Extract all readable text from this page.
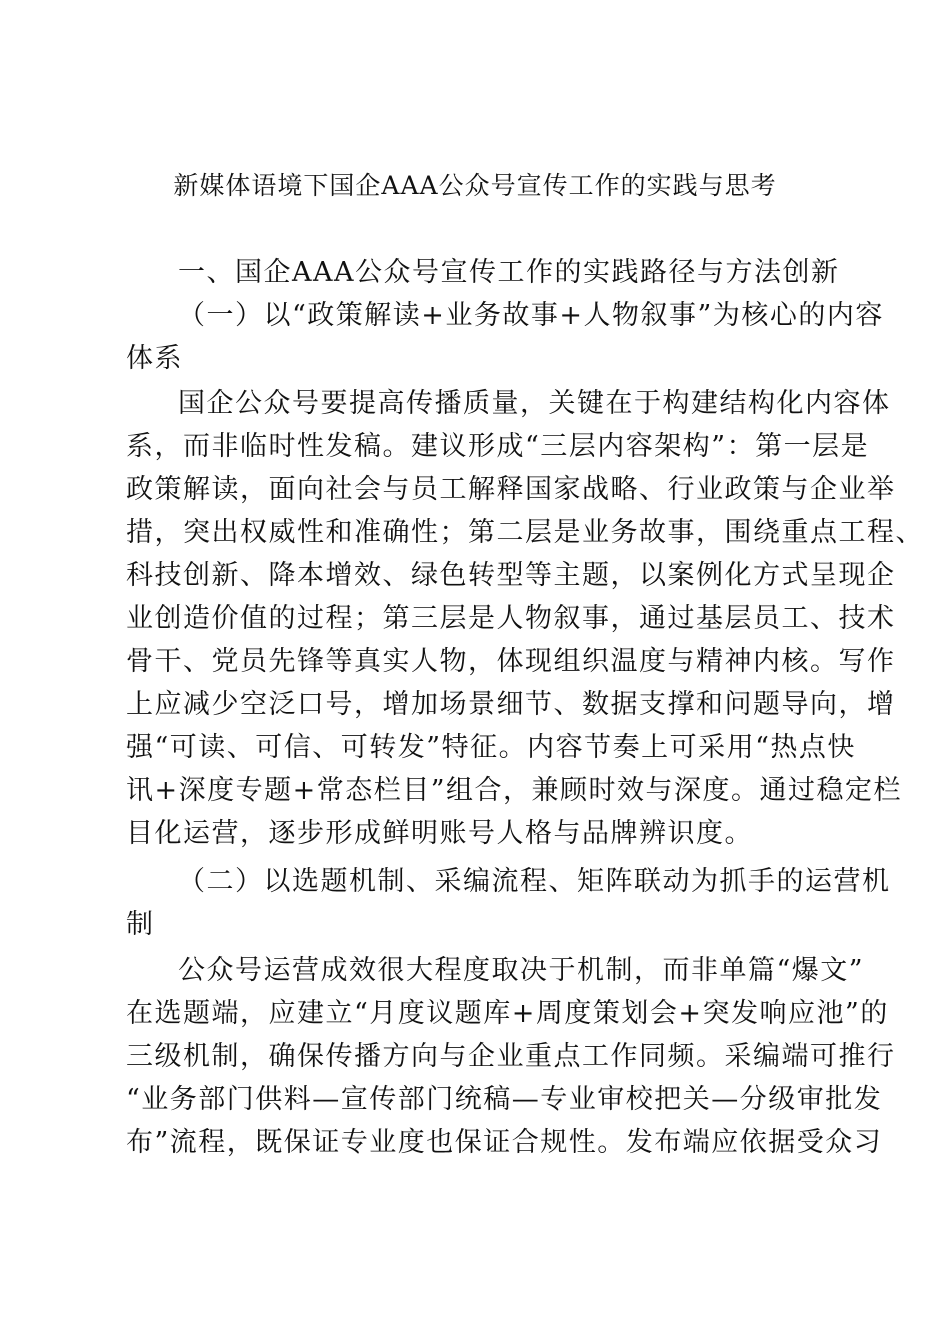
新媒体语境下国企AAA公众号宣传工作的实践与思考
一、国企AAA公众号宣传工作的实践路径与方法创新
（一）以“政策解读+业务故事+人物叙事”为核心的内容
体系
国企公众号要提高传播质量，关键在于构建结构化内容体
系，而非临时性发稿。建议形成“三层内容架构”：第一层是
政策解读，面向社会与员工解释国家战略、行业政策与企业举
措，突出权威性和准确性；第二层是业务故事，围绕重点工程、
科技创新、降本增效、绿色转型等主题，以案例化方式呈现企
业创造价值的过程；第三层是人物叙事，通过基层员工、技术
骨干、党员先锋等真实人物，体现组织温度与精神内核。写作
上应减少空泛口号，增加场景细节、数据支撑和问题导向，增
强“可读、可信、可转发”特征。内容节奏上可采用“热点快
讯+深度专题+常态栏目”组合，兼顾时效与深度。通过稳定栏
目化运营，逐步形成鲜明账号人格与品牌辨识度。
（二）以选题机制、采编流程、矩阵联动为抓手的运营机
制
公众号运营成效很大程度取决于机制，而非单篇“爆文”
在选题端，应建立“月度议题库+周度策划会+突发响应池”的
三级机制，确保传播方向与企业重点工作同频。采编端可推行
“业务部门供料—宣传部门统稿—专业审校把关—分级审批发
布”流程，既保证专业度也保证合规性。发布端应依据受众习
